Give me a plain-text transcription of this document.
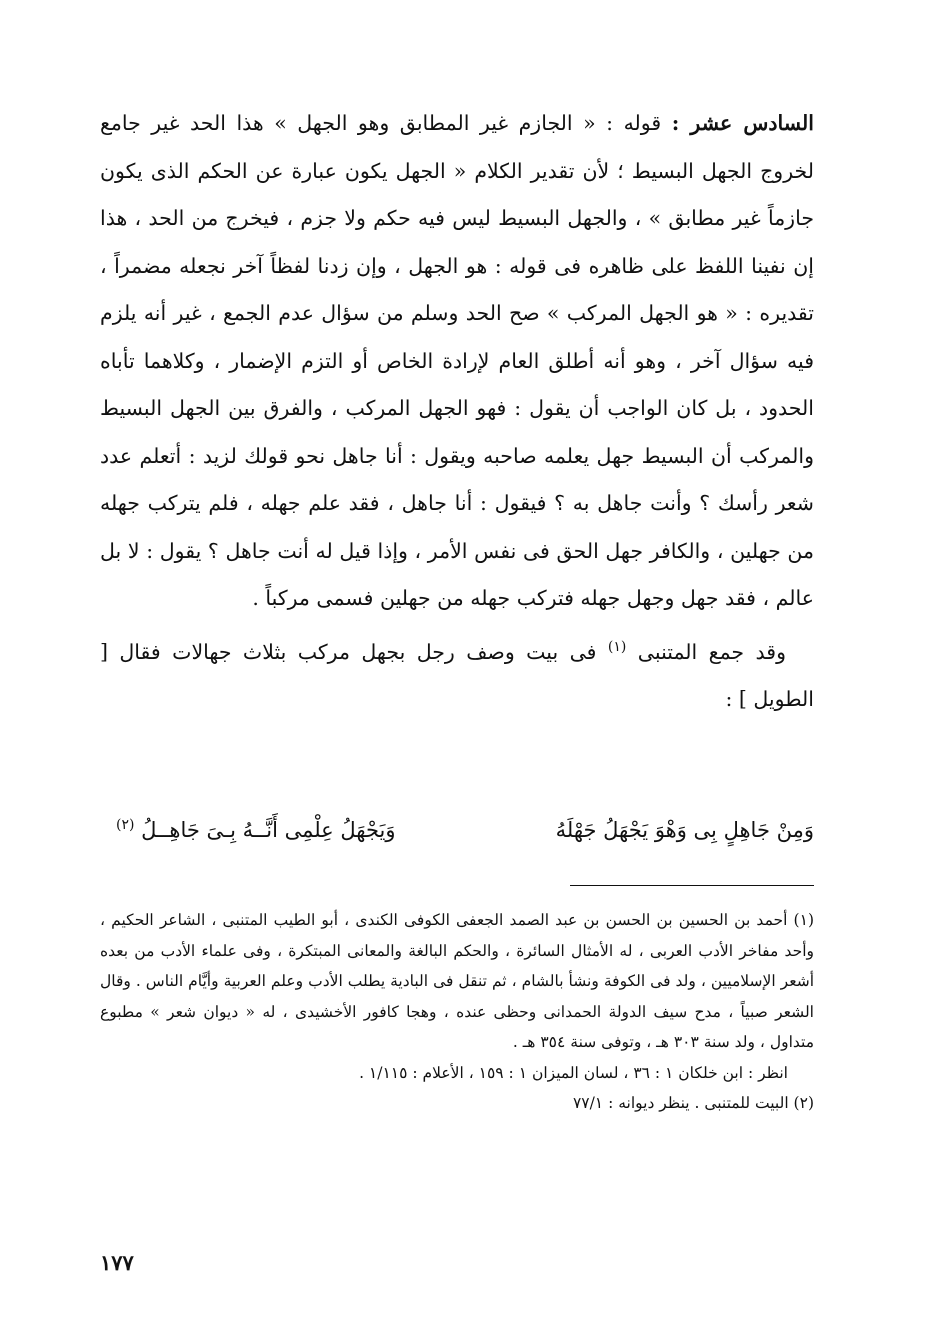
السادس عشر : قوله : « الجازم غير المطابق وهو الجهل » هذا الحد غير جامع لخروج الجهل البسيط ؛ لأن تقدير الكلام « الجهل يكون عبارة عن الحكم الذى يكون جازماً غير مطابق » ، والجهل البسيط ليس فيه حكم ولا جزم ، فيخرج من الحد ، هذا إن نفينا اللفظ على ظاهره فى قوله : هو الجهل ، وإن زدنا لفظاً آخر نجعله مضمراً ، تقديره : « هو الجهل المركب » صح الحد وسلم من سؤال عدم الجمع ، غير أنه يلزم فيه سؤال آخر ، وهو أنه أطلق العام لإرادة الخاص أو التزم الإضمار ، وكلاهما تأباه الحدود ، بل كان الواجب أن يقول : فهو الجهل المركب ، والفرق بين الجهل البسيط والمركب أن البسيط جهل يعلمه صاحبه ويقول : أنا جاهل نحو قولك لزيد : أتعلم عدد شعر رأسك ؟ وأنت جاهل به ؟ فيقول : أنا جاهل ، فقد علم جهله ، فلم يتركب جهله من جهلين ، والكافر جهل الحق فى نفس الأمر ، وإذا قيل له أنت جاهل ؟ يقول : لا بل عالم ، فقد جهل وجهل جهله فتركب جهله من جهلين فسمى مركباً .

وقد جمع المتنبى $^{(١)}$ فى بيت وصف رجل بجهل مركب بثلاث جهالات فقال [ الطويل ] :

وَمِنْ جَاهِلٍ بِى وَهْوَ يَجْهَلُ جَهْلَهُ
وَيَجْهَلُ عِلْمِى أَنَّــهُ بِـىَ جَاهِــلُ $^{(٢)}$

(١) أحمد بن الحسين بن الحسن بن عبد الصمد الجعفى الكوفى الكندى ، أبو الطيب المتنبى ، الشاعر الحكيم ، وأحد مفاخر الأدب العربى ، له الأمثال السائرة ، والحكم البالغة والمعانى المبتكرة ، وفى علماء الأدب من بعده أشعر الإسلاميين ، ولد فى الكوفة ونشأ بالشام ، ثم تنقل فى البادية يطلب الأدب وعلم العربية وأيَّام الناس . وقال الشعر صبياً ، مدح سيف الدولة الحمدانى وحظى عنده ، وهجا كافور الأخشيدى ، له « ديوان شعر » مطبوع متداول ، ولد سنة ٣٠٣ هـ ، وتوفى سنة ٣٥٤ هـ .

انظر : ابن خلكان ١ : ٣٦ ، لسان الميزان ١ : ١٥٩ ، الأعلام : ١/١١٥ .

(٢) البيت للمتنبى . ينظر ديوانه : ٧٧/١

١٧٧
